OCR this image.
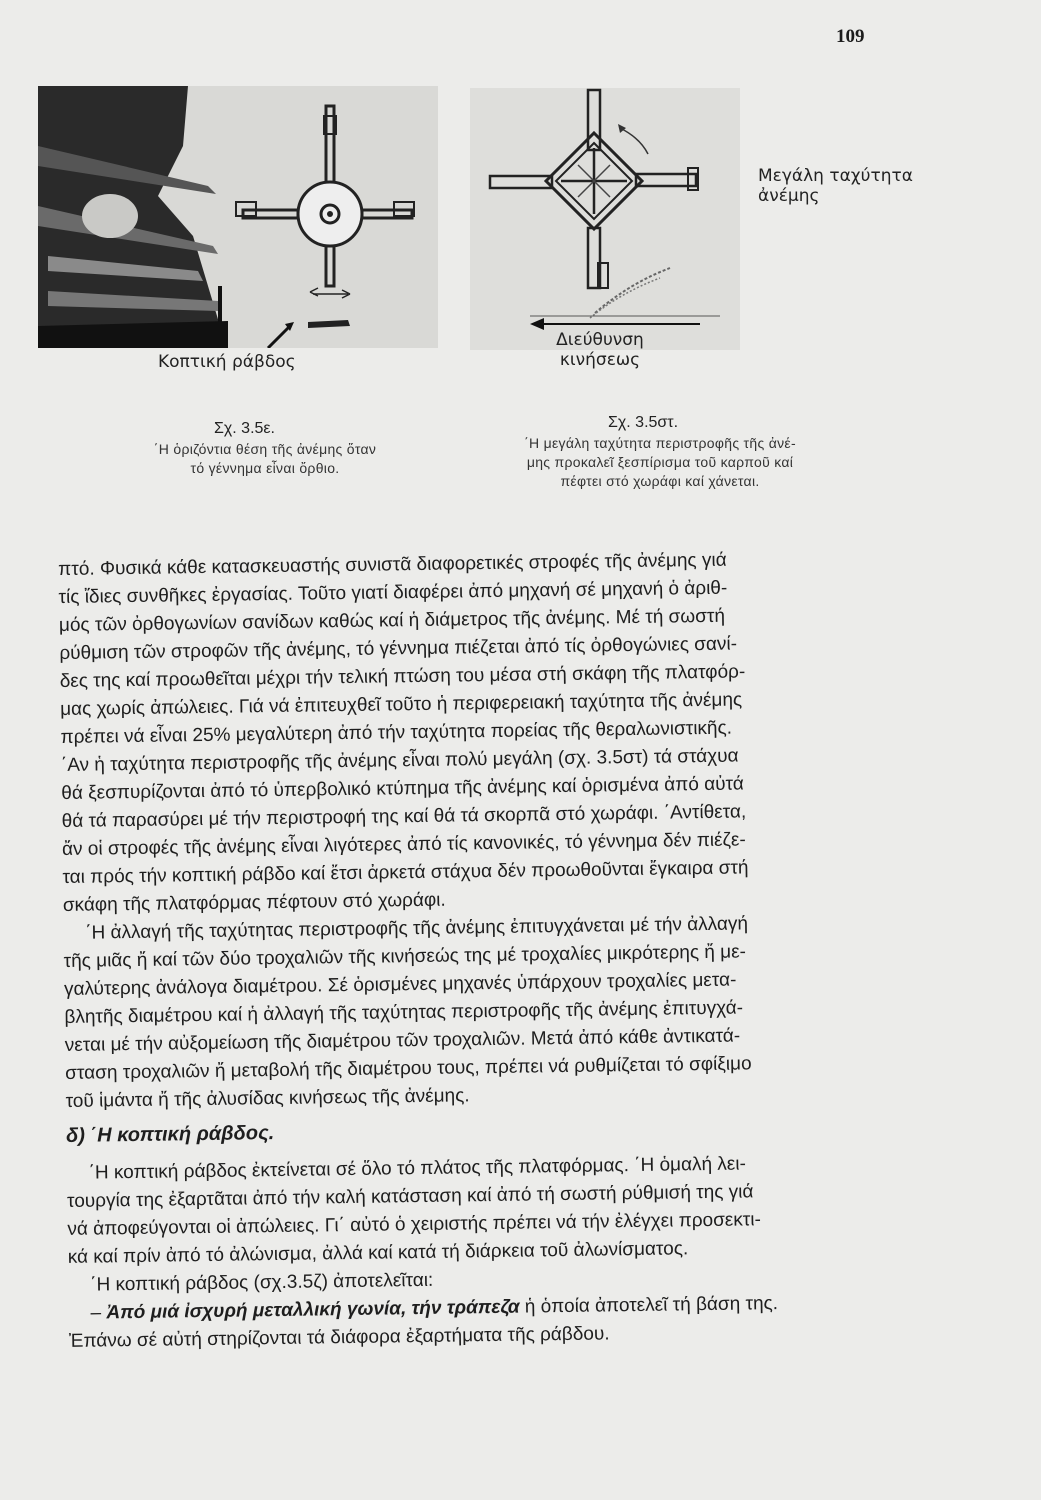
109
Κοπτική ράβδος
Μεγάλη ταχύτητα
ἀνέμης
Διεύθυνση
κινήσεως
Σχ. 3.5ε.
΄Η ὁριζόντια θέση τῆς ἀνέμης ὅταν
τό γέννημα εἶναι ὄρθιο.
Σχ. 3.5στ.
΄Η μεγάλη ταχύτητα περιστροφῆς τῆς ἀνέ-
μης προκαλεῖ ξεσπίρισμα τοῦ καρποῦ καί
πέφτει στό χωράφι καί χάνεται.

πτό. Φυσικά κάθε κατασκευαστής συνιστᾶ διαφορετικές στροφές τῆς ἀνέμης γιά

τίς ἴδιες συνθῆκες ἐργασίας. Τοῦτο γιατί διαφέρει ἀπό μηχανή σέ μηχανή ὁ ἀριθ-

μός τῶν ὀρθογωνίων σανίδων καθώς καί ἡ διάμετρος τῆς ἀνέμης. Μέ τή σωστή

ρύθμιση τῶν στροφῶν τῆς ἀνέμης, τό γέννημα πιέζεται ἀπό τίς ὀρθογώνιες σανί-

δες της καί προωθεῖται μέχρι τήν τελική πτώση του μέσα στή σκάφη τῆς πλατφόρ-

μας χωρίς ἀπώλειες. Γιά νά ἐπιτευχθεῖ τοῦτο ἡ περιφερειακή ταχύτητα τῆς ἀνέμης

πρέπει νά εἶναι 25% μεγαλύτερη ἀπό τήν ταχύτητα πορείας τῆς θεραλωνιστικῆς.

΄Αν ἡ ταχύτητα περιστροφῆς τῆς ἀνέμης εἶναι πολύ μεγάλη (σχ. 3.5στ) τά στάχυα

θά ξεσπυρίζονται ἀπό τό ὑπερβολικό κτύπημα τῆς ἀνέμης καί ὁρισμένα ἀπό αὐτά

θά τά παρασύρει μέ τήν περιστροφή της καί θά τά σκορπᾶ στό χωράφι. ΄Αντίθετα,

ἄν οἱ στροφές τῆς ἀνέμης εἶναι λιγότερες ἀπό τίς κανονικές, τό γέννημα δέν πιέζε-

ται πρός τήν κοπτική ράβδο καί ἔτσι ἀρκετά στάχυα δέν προωθοῦνται ἔγκαιρα στή

σκάφη τῆς πλατφόρμας πέφτουν στό χωράφι.

΄Η ἀλλαγή τῆς ταχύτητας περιστροφῆς τῆς ἀνέμης ἐπιτυγχάνεται μέ τήν ἀλλαγή

τῆς μιᾶς ἤ καί τῶν δύο τροχαλιῶν τῆς κινήσεώς της μέ τροχαλίες μικρότερης ἤ με-

γαλύτερης ἀνάλογα διαμέτρου. Σέ ὁρισμένες μηχανές ὑπάρχουν τροχαλίες μετα-

βλητῆς διαμέτρου καί ἡ ἀλλαγή τῆς ταχύτητας περιστροφῆς τῆς ἀνέμης ἐπιτυγχά-

νεται μέ τήν αὐξομείωση τῆς διαμέτρου τῶν τροχαλιῶν. Μετά ἀπό κάθε ἀντικατά-

σταση τροχαλιῶν ἤ μεταβολή τῆς διαμέτρου τους, πρέπει νά ρυθμίζεται τό σφίξιμο

τοῦ ἱμάντα ἤ τῆς ἀλυσίδας κινήσεως τῆς ἀνέμης.

δ) ΄Η κοπτική ράβδος.

΄Η κοπτική ράβδος ἐκτείνεται σέ ὅλο τό πλάτος τῆς πλατφόρμας. ΄Η ὁμαλή λει-

τουργία της ἐξαρτᾶται ἀπό τήν καλή κατάσταση καί ἀπό τή σωστή ρύθμισή της γιά

νά ἀποφεύγονται οἱ ἀπώλειες. Γι΄ αὐτό ὁ χειριστής πρέπει νά τήν ἐλέγχει προσεκτι-

κά καί πρίν ἀπό τό ἀλώνισμα, ἀλλά καί κατά τή διάρκεια τοῦ ἀλωνίσματος.

΄Η κοπτική ράβδος (σχ.3.5ζ) ἀποτελεῖται:

– Ἀπό μιά ἰσχυρή μεταλλική γωνία, τήν τράπεζα ἡ ὁποία ἀποτελεῖ τή βάση της.

Ἐπάνω σέ αὐτή στηρίζονται τά διάφορα ἐξαρτήματα τῆς ράβδου.
